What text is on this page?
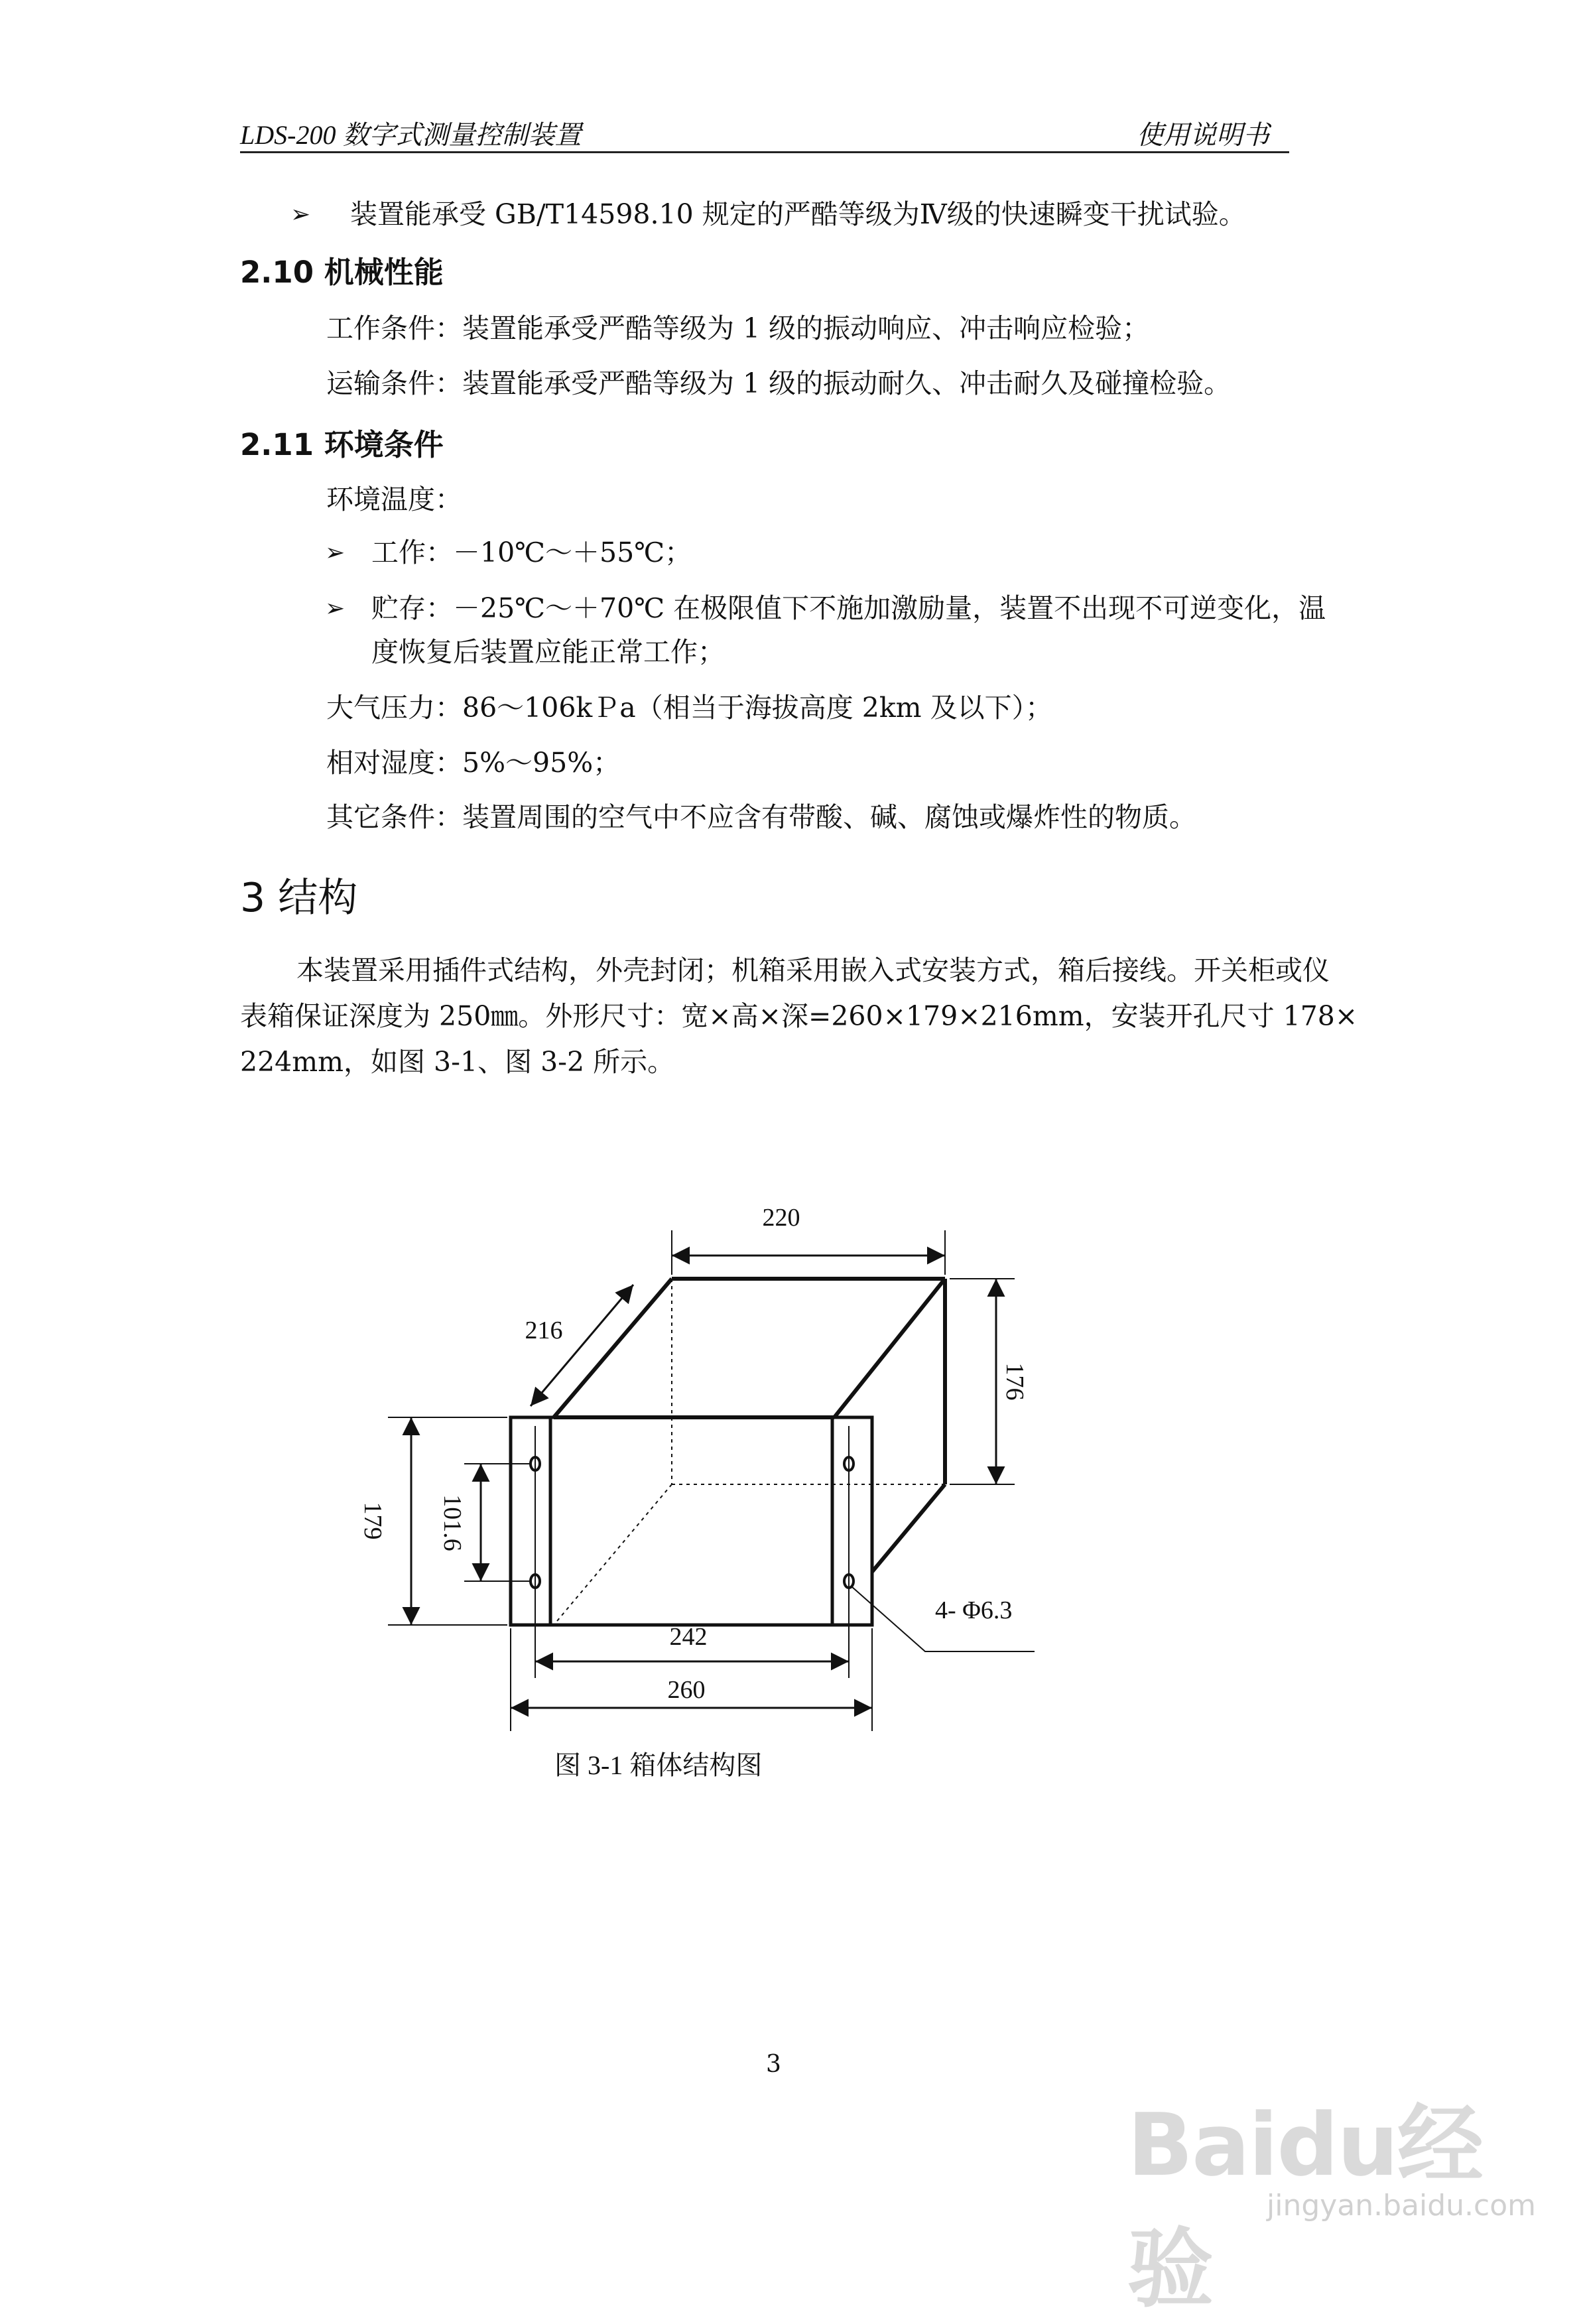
LDS-200 数字式测量控制装置	使用说明书
➢ 装置能承受 GB/T14598.10 规定的严酷等级为Ⅳ级的快速瞬变干扰试验。
2.10 机械性能
工作条件：装置能承受严酷等级为 1 级的振动响应、冲击响应检验；
运输条件：装置能承受严酷等级为 1 级的振动耐久、冲击耐久及碰撞检验。
2.11 环境条件
环境温度：
➢ 工作：－10℃～＋55℃；
➢ 贮存：－25℃～＋70℃ 在极限值下不施加激励量，装置不出现不可逆变化，温
度恢复后装置应能正常工作；
大气压力：86～106kＰa（相当于海拔高度 2km 及以下）；
相对湿度：5%～95%；
其它条件：装置周围的空气中不应含有带酸、碱、腐蚀或爆炸性的物质。
3 结构
本装置采用插件式结构，外壳封闭；机箱采用嵌入式安装方式，箱后接线。开关柜或仪
表箱保证深度为 250㎜。外形尺寸：宽×高×深=260×179×216mm，安装开孔尺寸 178×
224mm，如图 3-1、图 3-2 所示。
220
216
176
179 101.6
242
260
4- Φ6.3
图 3-1 箱体结构图
3
Baidu经验
jingyan.baidu.com
